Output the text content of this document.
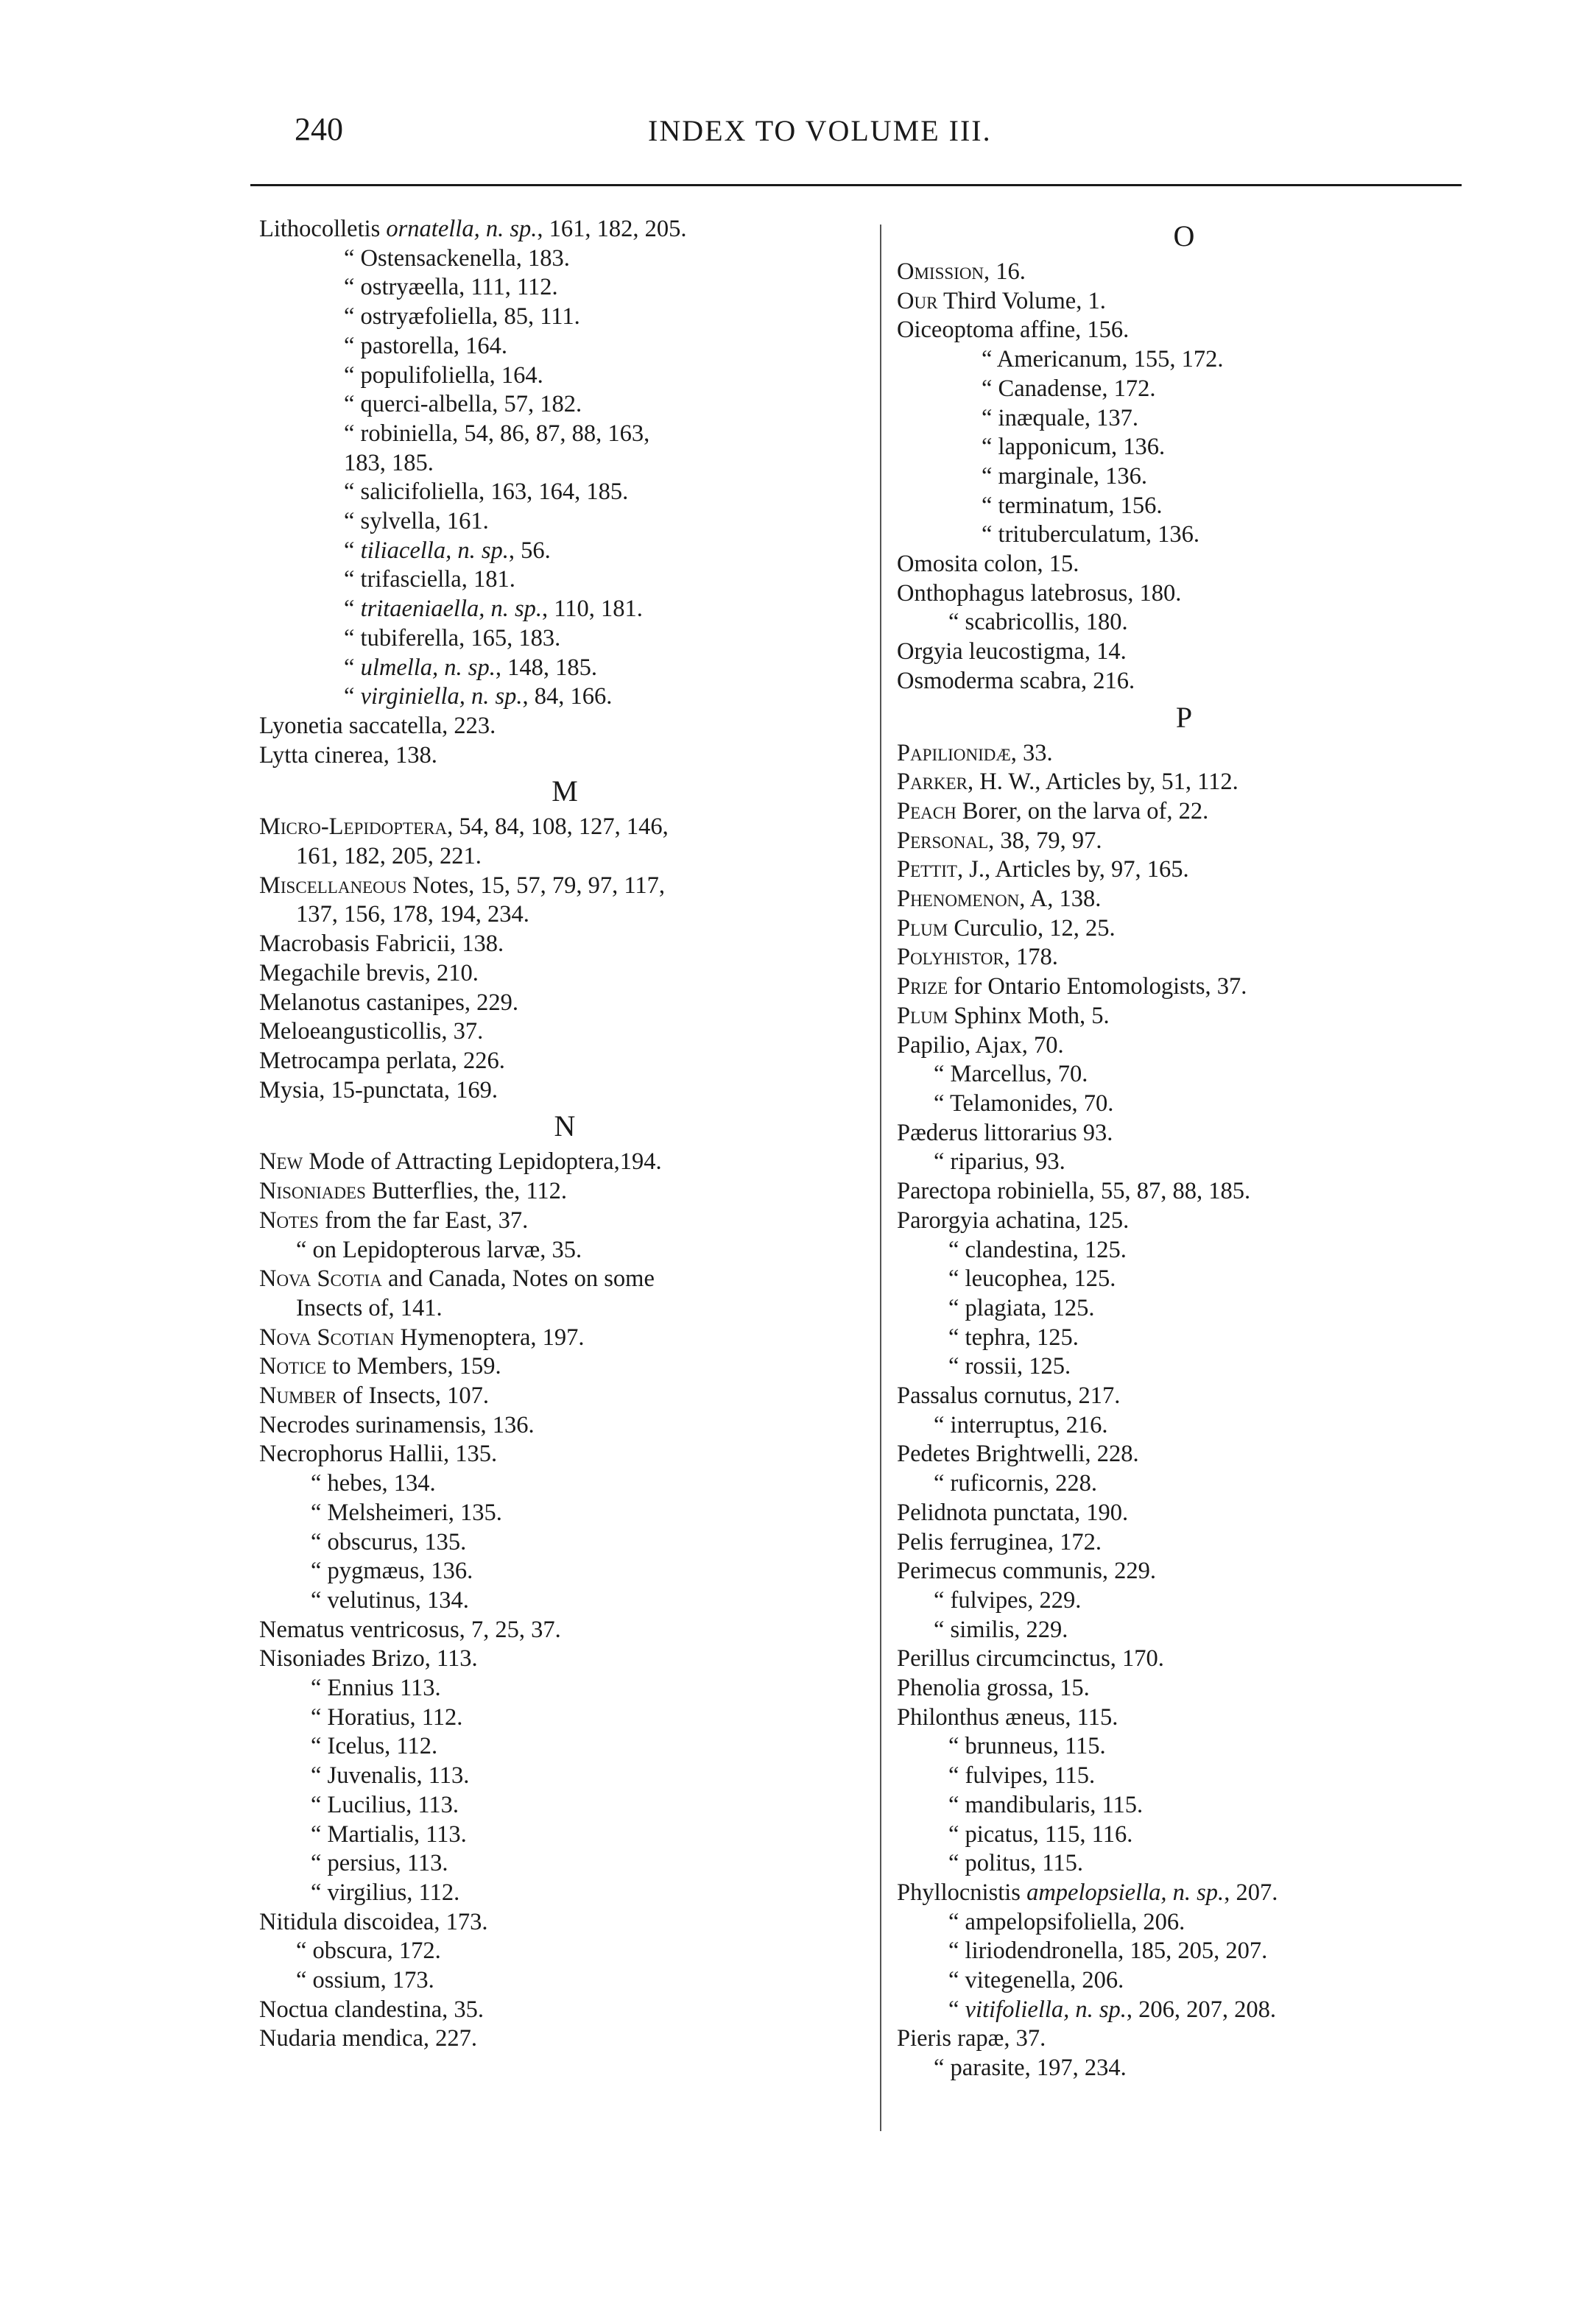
240	INDEX TO VOLUME III.
Lithocolletis ornatella, n. sp., 161, 182, 205.
“ Ostensackenella, 183.
“ ostryæella, 111, 112.
“ ostryæfoliella, 85, 111.
“ pastorella, 164.
“ populifoliella, 164.
“ querci-albella, 57, 182.
“ robiniella, 54, 86, 87, 88, 163,
183, 185.
“ salicifoliella, 163, 164, 185.
“ sylvella, 161.
“ tiliacella, n. sp., 56.
“ trifasciella, 181.
“ tritaeniaella, n. sp., 110, 181.
“ tubiferella, 165, 183.
“ ulmella, n. sp., 148, 185.
“ virginiella, n. sp., 84, 166.
Lyonetia saccatella, 223.
Lytta cinerea, 138.
M
Micro-Lepidoptera, 54, 84, 108, 127, 146,
161, 182, 205, 221.
Miscellaneous Notes, 15, 57, 79, 97, 117,
137, 156, 178, 194, 234.
Macrobasis Fabricii, 138.
Megachile brevis, 210.
Melanotus castanipes, 229.
Meloeangusticollis, 37.
Metrocampa perlata, 226.
Mysia, 15-punctata, 169.
N
New Mode of Attracting Lepidoptera,194.
Nisoniades Butterflies, the, 112.
Notes from the far East, 37.
“ on Lepidopterous larvæ, 35.
Nova Scotia and Canada, Notes on some
Insects of, 141.
Nova Scotian Hymenoptera, 197.
Notice to Members, 159.
Number of Insects, 107.
Necrodes surinamensis, 136.
Necrophorus Hallii, 135.
“ hebes, 134.
“ Melsheimeri, 135.
“ obscurus, 135.
“ pygmæus, 136.
“ velutinus, 134.
Nematus ventricosus, 7, 25, 37.
Nisoniades Brizo, 113.
“ Ennius 113.
“ Horatius, 112.
“ Icelus, 112.
“ Juvenalis, 113.
“ Lucilius, 113.
“ Martialis, 113.
“ persius, 113.
“ virgilius, 112.
Nitidula discoidea, 173.
“ obscura, 172.
“ ossium, 173.
Noctua clandestina, 35.
Nudaria mendica, 227.
O
Omission, 16.
Our Third Volume, 1.
Oiceoptoma affine, 156.
“ Americanum, 155, 172.
“ Canadense, 172.
“ inæquale, 137.
“ lapponicum, 136.
“ marginale, 136.
“ terminatum, 156.
“ trituberculatum, 136.
Omosita colon, 15.
Onthophagus latebrosus, 180.
“ scabricollis, 180.
Orgyia leucostigma, 14.
Osmoderma scabra, 216.
P
Papilionidæ, 33.
Parker, H. W., Articles by, 51, 112.
Peach Borer, on the larva of, 22.
Personal, 38, 79, 97.
Pettit, J., Articles by, 97, 165.
Phenomenon, A, 138.
Plum Curculio, 12, 25.
Polyhistor, 178.
Prize for Ontario Entomologists, 37.
Plum Sphinx Moth, 5.
Papilio, Ajax, 70.
“ Marcellus, 70.
“ Telamonides, 70.
Pæderus littorarius 93.
“ riparius, 93.
Parectopa robiniella, 55, 87, 88, 185.
Parorgyia achatina, 125.
“ clandestina, 125.
“ leucophea, 125.
“ plagiata, 125.
“ tephra, 125.
“ rossii, 125.
Passalus cornutus, 217.
“ interruptus, 216.
Pedetes Brightwelli, 228.
“ ruficornis, 228.
Pelidnota punctata, 190.
Pelis ferruginea, 172.
Perimecus communis, 229.
“ fulvipes, 229.
“ similis, 229.
Perillus circumcinctus, 170.
Phenolia grossa, 15.
Philonthus æneus, 115.
“ brunneus, 115.
“ fulvipes, 115.
“ mandibularis, 115.
“ picatus, 115, 116.
“ politus, 115.
Phyllocnistis ampelopsiella, n. sp., 207.
“ ampelopsifoliella, 206.
“ liriodendronella, 185, 205, 207.
“ vitegenella, 206.
“ vitifoliella, n. sp., 206, 207, 208.
Pieris rapæ, 37.
“ parasite, 197, 234.
